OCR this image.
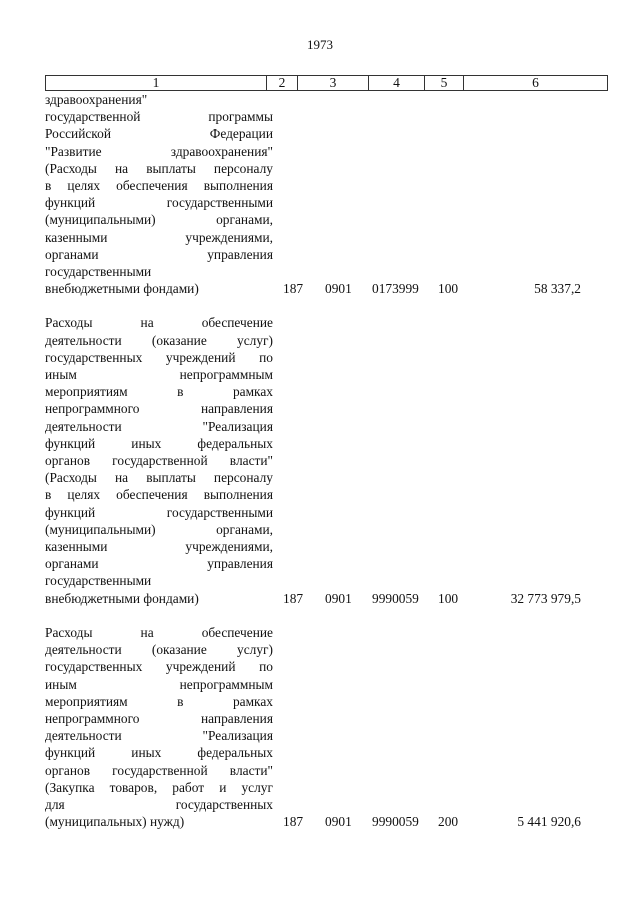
1973
1	2	3	4	5	6
здравоохранения"
государственной программы
Российской Федерации
"Развитие здравоохранения"
(Расходы на выплаты персоналу
в целях обеспечения выполнения
функций государственными
(муниципальными) органами,
казенными учреждениями,
органами управления
государственными
внебюджетными фондами)	187 0901 0173999 100	58 337,2
Расходы на обеспечение
деятельности (оказание услуг)
государственных учреждений по
иным непрограммным
мероприятиям в рамках
непрограммного направления
деятельности "Реализация
функций иных федеральных
органов государственной власти"
(Расходы на выплаты персоналу
в целях обеспечения выполнения
функций государственными
(муниципальными) органами,
казенными учреждениями,
органами управления
государственными
внебюджетными фондами)	187 0901 9990059 100	32 773 979,5
Расходы на обеспечение
деятельности (оказание услуг)
государственных учреждений по
иным непрограммным
мероприятиям в рамках
непрограммного направления
деятельности "Реализация
функций иных федеральных
органов государственной власти"
(Закупка товаров, работ и услуг
для государственных
(муниципальных) нужд)	187 0901 9990059 200	5 441 920,6
